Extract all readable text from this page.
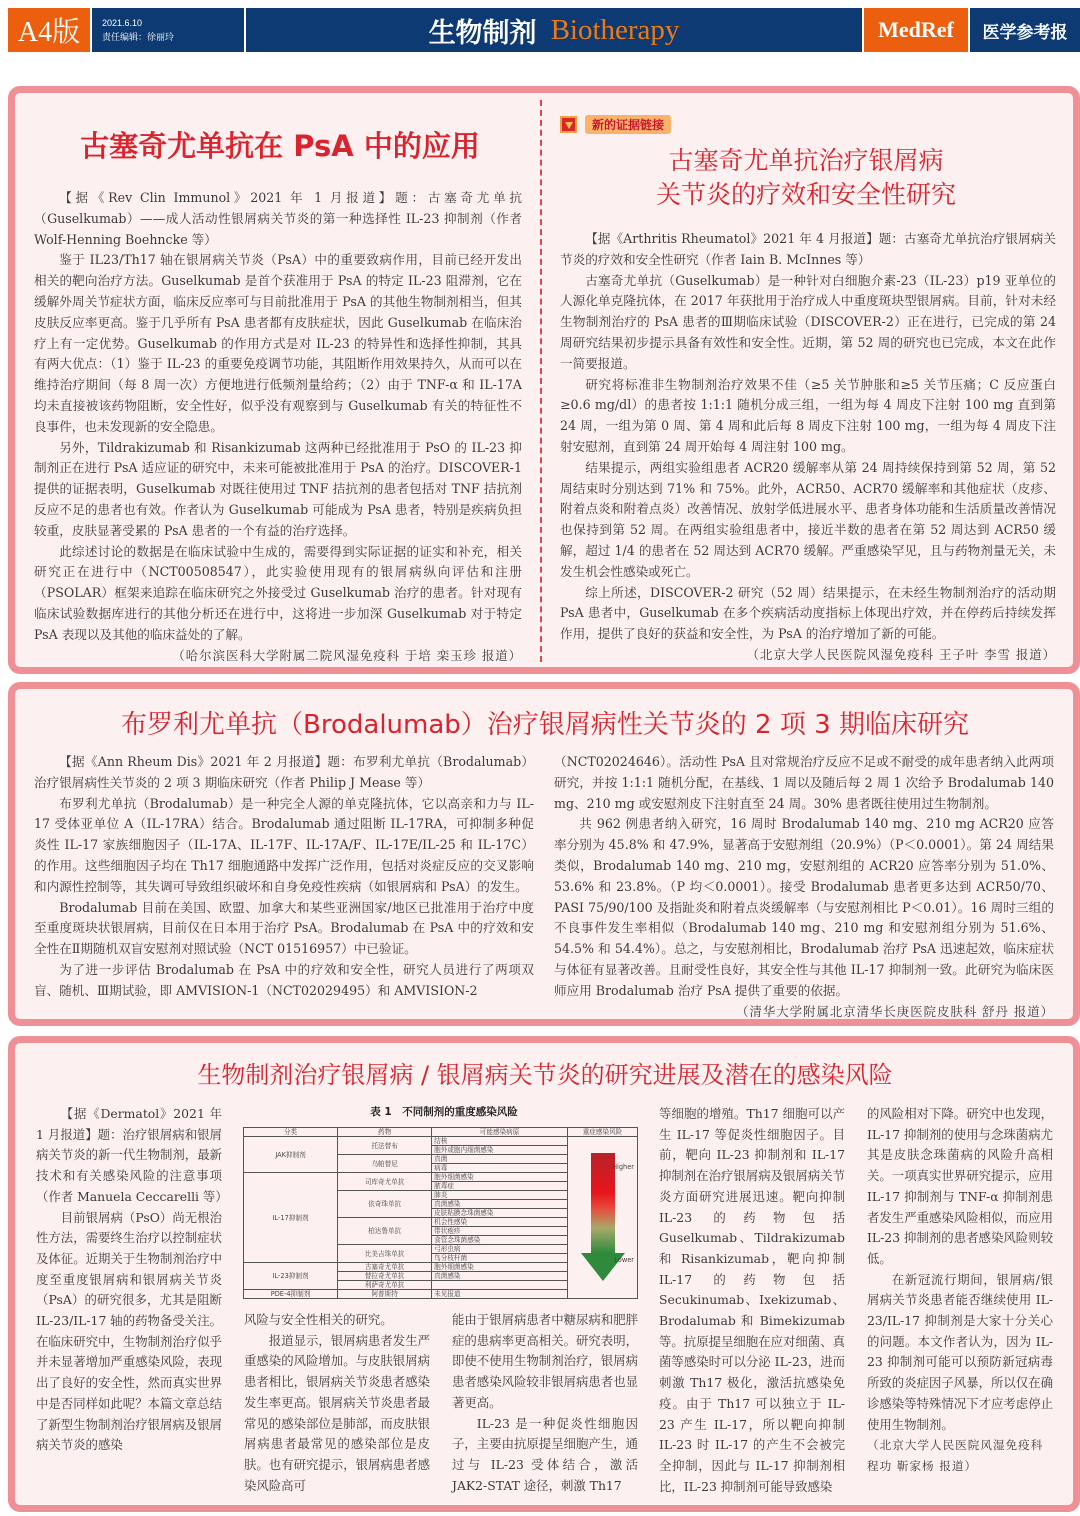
A4版	2021.6.10
责任编辑：徐丽玲	生物制剂 Biotherapy	MedRef	医学参考报
古塞奇尤单抗在 PsA 中的应用

【据《Rev Clin Immunol》2021 年 1 月报道】题：古塞奇尤单抗（Guselkumab）——成人活动性银屑病关节炎的第一种选择性 IL-23 抑制剂（作者 Wolf-Henning Boehncke 等）

鉴于 IL23/Th17 轴在银屑病关节炎（PsA）中的重要致病作用，目前已经开发出相关的靶向治疗方法。Guselkumab 是首个获准用于 PsA 的特定 IL-23 阻滞剂，它在缓解外周关节症状方面，临床反应率可与目前批准用于 PsA 的其他生物制剂相当，但其皮肤反应率更高。鉴于几乎所有 PsA 患者都有皮肤症状，因此 Guselkumab 在临床治疗上有一定优势。Guselkumab 的作用方式是对 IL-23 的特异性和选择性抑制，其具有两大优点：（1）鉴于 IL-23 的重要免疫调节功能，其阻断作用效果持久，从而可以在维持治疗期间（每 8 周一次）方便地进行低频剂量给药；（2）由于 TNF-α 和 IL-17A 均未直接被该药物阻断，安全性好，似乎没有观察到与 Guselkumab 有关的特征性不良事件，也未发现新的安全隐患。

另外，Tildrakizumab 和 Risankizumab 这两种已经批准用于 PsO 的 IL-23 抑制剂正在进行 PsA 适应证的研究中，未来可能被批准用于 PsA 的治疗。DISCOVER-1 提供的证据表明，Guselkumab 对既往使用过 TNF 拮抗剂的患者包括对 TNF 拮抗剂反应不足的患者也有效。作者认为 Guselkumab 可能成为 PsA 患者，特别是疾病负担较重，皮肤显著受累的 PsA 患者的一个有益的治疗选择。

此综述讨论的数据是在临床试验中生成的，需要得到实际证据的证实和补充，相关研究正在进行中（NCT00508547），此实验使用现有的银屑病纵向评估和注册（PSOLAR）框架来追踪在临床研究之外接受过 Guselkumab 治疗的患者。针对现有临床试验数据库进行的其他分析还在进行中，这将进一步加深 Guselkumab 对于特定 PsA 表现以及其他的临床益处的了解。

（哈尔滨医科大学附属二院风湿免疫科 于培 栾玉珍 报道）

新的证据链接
古塞奇尤单抗治疗银屑病
关节炎的疗效和安全性研究

【据《Arthritis Rheumatol》2021 年 4 月报道】题：古塞奇尤单抗治疗银屑病关节炎的疗效和安全性研究（作者 Iain B. McInnes 等）

古塞奇尤单抗（Guselkumab）是一种针对白细胞介素-23（IL-23）p19 亚单位的人源化单克隆抗体，在 2017 年获批用于治疗成人中重度斑块型银屑病。目前，针对未经生物制剂治疗的 PsA 患者的Ⅲ期临床试验（DISCOVER-2）正在进行，已完成的第 24 周研究结果初步提示具备有效性和安全性。近期，第 52 周的研究也已完成，本文在此作一简要报道。

研究将标准非生物制剂治疗效果不佳（≥5 关节肿胀和≥5 关节压痛；C 反应蛋白≥0.6 mg/dl）的患者按 1:1:1 随机分成三组，一组为每 4 周皮下注射 100 mg 直到第 24 周，一组为第 0 周、第 4 周和此后每 8 周皮下注射 100 mg，一组为每 4 周皮下注射安慰剂，直到第 24 周开始每 4 周注射 100 mg。

结果提示，两组实验组患者 ACR20 缓解率从第 24 周持续保持到第 52 周，第 52 周结束时分别达到 71% 和 75%。此外，ACR50、ACR70 缓解率和其他症状（皮疹、附着点炎和附着点炎）改善情况、放射学低进展水平、患者身体功能和生活质量改善情况也保持到第 52 周。在两组实验组患者中，接近半数的患者在第 52 周达到 ACR50 缓解，超过 1/4 的患者在 52 周达到 ACR70 缓解。严重感染罕见，且与药物剂量无关，未发生机会性感染或死亡。

综上所述，DISCOVER-2 研究（52 周）结果提示，在未经生物制剂治疗的活动期 PsA 患者中，Guselkumab 在多个疾病活动度指标上体现出疗效，并在停药后持续发挥作用，提供了良好的获益和安全性，为 PsA 的治疗增加了新的可能。

（北京大学人民医院风湿免疫科 王子叶 李雪 报道）

布罗利尤单抗（Brodalumab）治疗银屑病性关节炎的 2 项 3 期临床研究

【据《Ann Rheum Dis》2021 年 2 月报道】题：布罗利尤单抗（Brodalumab）治疗银屑病性关节炎的 2 项 3 期临床研究（作者 Philip J Mease 等）

布罗利尤单抗（Brodalumab）是一种完全人源的单克隆抗体，它以高亲和力与 IL-17 受体亚单位 A（IL-17RA）结合。Brodalumab 通过阻断 IL-17RA，可抑制多种促炎性 IL-17 家族细胞因子（IL-17A、IL-17F、IL-17A/F、IL-17E/IL-25 和 IL-17C）的作用。这些细胞因子均在 Th17 细胞通路中发挥广泛作用，包括对炎症反应的交叉影响和内源性控制等，其失调可导致组织破坏和自身免疫性疾病（如银屑病和 PsA）的发生。

Brodalumab 目前在美国、欧盟、加拿大和某些亚洲国家/地区已批准用于治疗中度至重度斑块状银屑病，目前仅在日本用于治疗 PsA。Brodalumab 在 PsA 中的疗效和安全性在Ⅱ期随机双盲安慰剂对照试验（NCT 01516957）中已验证。

为了进一步评估 Brodalumab 在 PsA 中的疗效和安全性，研究人员进行了两项双盲、随机、Ⅲ期试验，即 AMVISION-1（NCT02029495）和 AMVISION-2

（NCT02024646）。活动性 PsA 且对常规治疗反应不足或不耐受的成年患者纳入此两项研究，并按 1:1:1 随机分配，在基线、1 周以及随后每 2 周 1 次给予 Brodalumab 140 mg、210 mg 或安慰剂皮下注射直至 24 周。30% 患者既往使用过生物制剂。

共 962 例患者纳入研究，16 周时 Brodalumab 140 mg、210 mg ACR20 应答率分别为 45.8% 和 47.9%，显著高于安慰剂组（20.9%）（P＜0.0001）。第 24 周结果类似，Brodalumab 140 mg、210 mg，安慰剂组的 ACR20 应答率分别为 51.0%、53.6% 和 23.8%。（P 均＜0.0001）。接受 Brodalumab 患者更多达到 ACR50/70、PASI 75/90/100 及指趾炎和附着点炎缓解率（与安慰剂相比 P＜0.01）。16 周时三组的不良事件发生率相似（Brodalumab 140 mg、210 mg 和安慰剂组分别为 51.6%、54.5% 和 54.4%）。总之，与安慰剂相比，Brodalumab 治疗 PsA 迅速起效，临床症状与体征有显著改善。且耐受性良好，其安全性与其他 IL-17 抑制剂一致。此研究为临床医师应用 Brodalumab 治疗 PsA 提供了重要的依据。

（清华大学附属北京清华长庚医院皮肤科 舒丹 报道）

生物制剂治疗银屑病 / 银屑病关节炎的研究进展及潜在的感染风险

【据《Dermatol》2021 年 1 月报道】题：治疗银屑病和银屑病关节炎的新一代生物制剂，最新技术和有关感染风险的注意事项（作者 Manuela Ceccarelli 等）

目前银屑病（PsO）尚无根治性方法，需要终生治疗以控制症状及体征。近期关于生物制剂治疗中度至重度银屑病和银屑病关节炎（PsA）的研究很多，尤其是阻断 IL-23/IL-17 轴的药物备受关注。在临床研究中，生物制剂治疗似乎并未显著增加严重感染风险，表现出了良好的安全性，然而真实世界中是否同样如此呢？本篇文章总结了新型生物制剂治疗银屑病及银屑病关节炎的感染

表 1　不同制剂的重度感染风险
分类	药物	可能感染病原	重症感染风险
JAK抑制剂	托法替布	结核	Higher
Lower

		胞外或胞内细菌感染	
	乌帕替尼	真菌	
		病毒	
IL-17抑制剂	司库奇尤单抗	胞外细菌感染	
		脓毒症	
	依奇珠单抗	肺炎	
		真菌感染	
		皮肤粘膜念珠菌感染	
	柏达鲁单抗	机会性感染	
		带状疱疹	
		食管念珠菌感染	
	比美吉珠单抗	弓形虫病	
		鸟分枝杆菌	
IL-23抑制剂	古塞奇尤单抗	胞外细菌感染	
	替拉奇尤单抗	真菌感染	
	利萨奇尤单抗		
PDE-4抑制剂	阿普斯特	未见报道	

风险与安全性相关的研究。

报道显示，银屑病患者发生严重感染的风险增加。与皮肤银屑病患者相比，银屑病关节炎患者感染发生率更高。银屑病关节炎患者最常见的感染部位是肺部，而皮肤银屑病患者最常见的感染部位是皮肤。也有研究提示，银屑病患者感染风险高可

能由于银屑病患者中糖尿病和肥胖症的患病率更高相关。研究表明，即使不使用生物制剂治疗，银屑病患者感染风险较非银屑病患者也显著更高。

IL-23 是一种促炎性细胞因子，主要由抗原提呈细胞产生，通过与 IL-23 受体结合，激活 JAK2-STAT 途径，刺激 Th17

等细胞的增殖。Th17 细胞可以产生 IL-17 等促炎性细胞因子。目前，靶向 IL-23 抑制剂和 IL-17 抑制剂在治疗银屑病及银屑病关节炎方面研究进展迅速。靶向抑制 IL-23 的药物包括 Guselkumab、Tildrakizumab 和 Risankizumab，靶向抑制 IL-17 的药物包括 Secukinumab、Ixekizumab、Brodalumab 和 Bimekizumab 等。抗原提呈细胞在应对细菌、真菌等感染时可以分泌 IL-23，进而刺激 Th17 极化，激活抗感染免疫。由于 Th17 可以独立于 IL-23 产生 IL-17，所以靶向抑制 IL-23 时 IL-17 的产生不会被完全抑制，因此与 IL-17 抑制剂相比，IL-23 抑制剂可能导致感染

的风险相对下降。研究中也发现，IL-17 抑制剂的使用与念珠菌病尤其是皮肤念珠菌病的风险升高相关。一项真实世界研究提示，应用 IL-17 抑制剂与 TNF-α 抑制剂患者发生严重感染风险相似，而应用 IL-23 抑制剂的患者感染风险则较低。

在新冠流行期间，银屑病/银屑病关节炎患者能否继续使用 IL-23/IL-17 抑制剂是大家十分关心的问题。本文作者认为，因为 IL-23 抑制剂可能可以预防新冠病毒所致的炎症因子风暴，所以仅在确诊感染等特殊情况下才应考虑停止使用生物制剂。

（北京大学人民医院风湿免疫科 程功 靳家杨 报道）
